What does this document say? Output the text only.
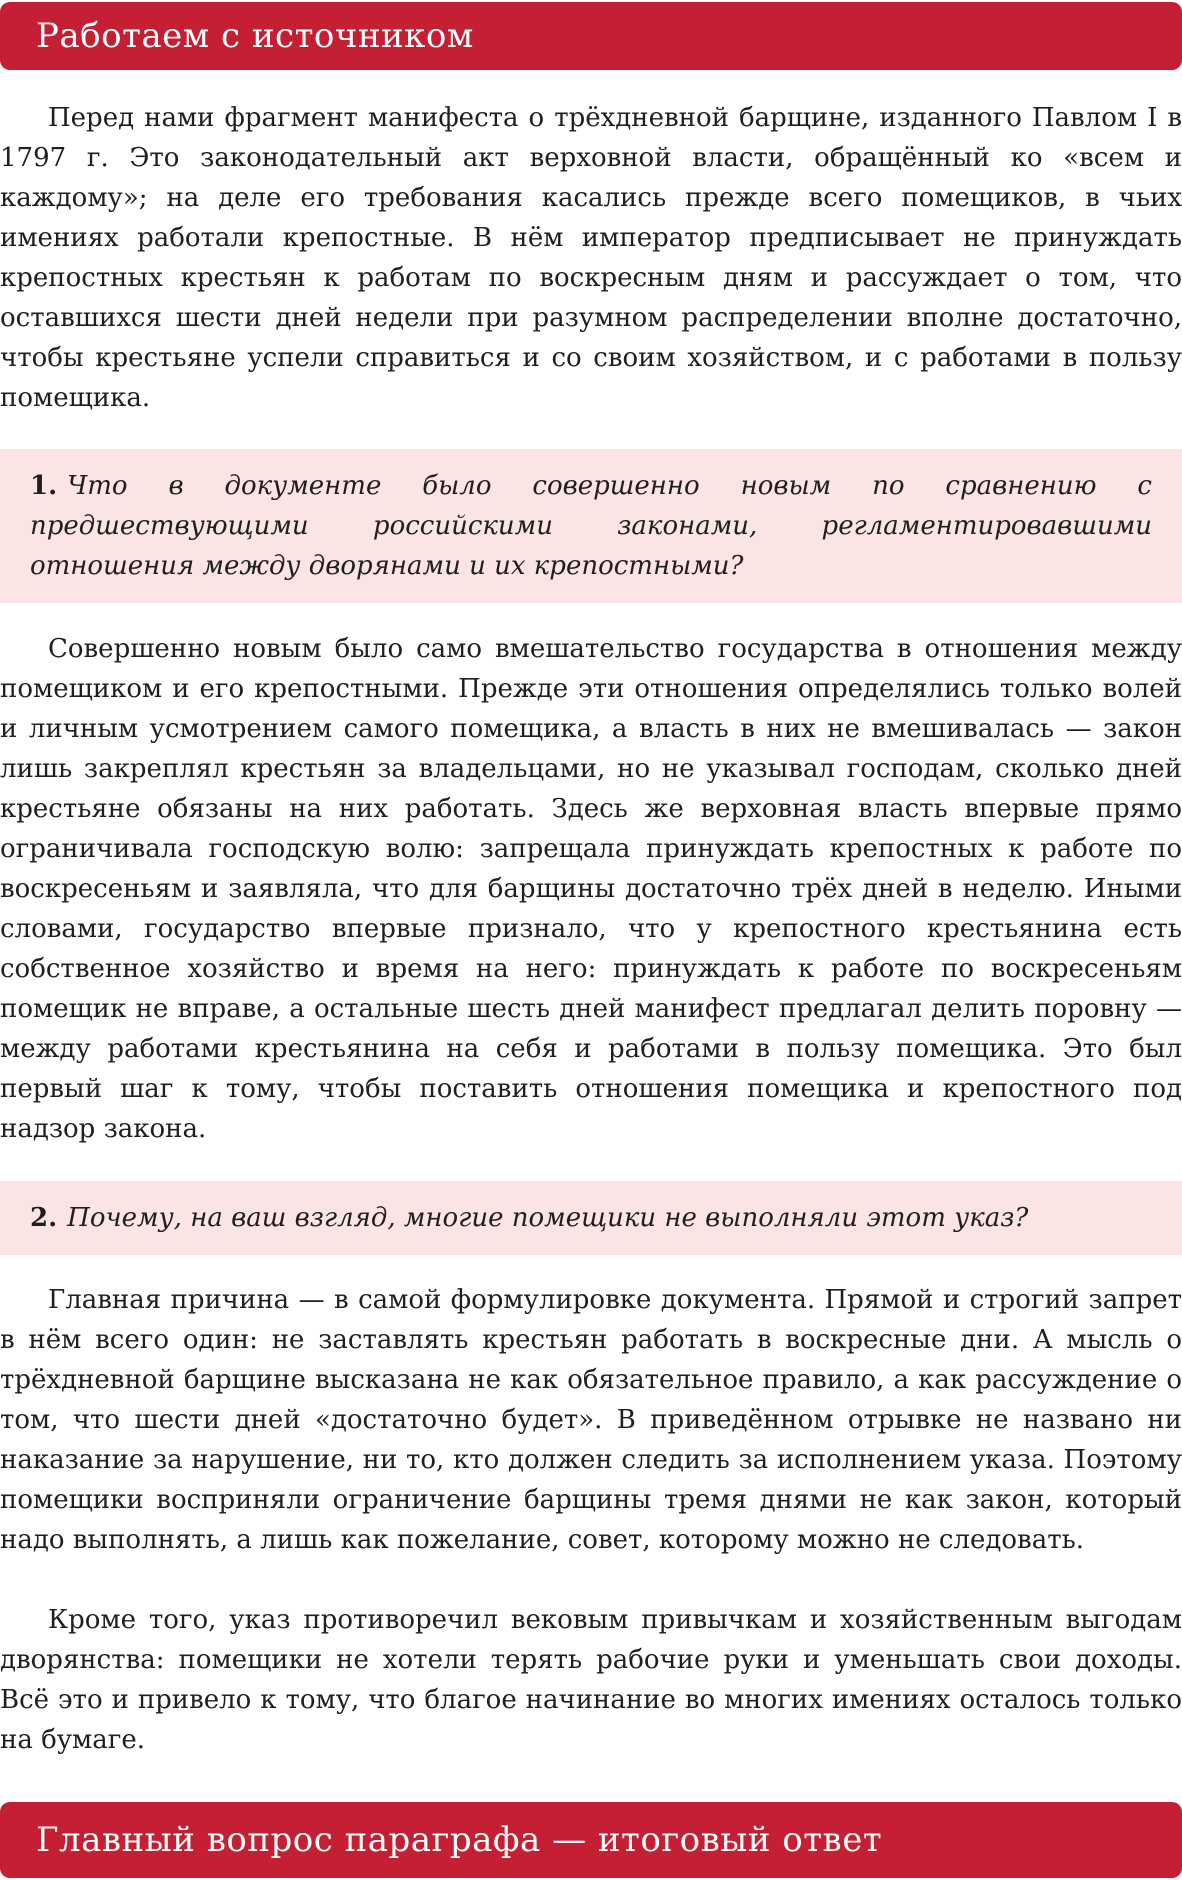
Работаем с источником

Перед нами фрагмент манифеста о трёхдневной барщине, изданного Павлом I в 1797 г. Это законодательный акт верховной власти, обращённый ко «всем и каждому»; на деле его требования касались прежде всего помещиков, в чьих имениях работали крепостные. В нём император предписывает не принуждать крепостных крестьян к работам по воскресным дням и рассуждает о том, что оставшихся шести дней недели при разумном распределении вполне достаточно, чтобы крестьяне успели справиться и со своим хозяйством, и с работами в пользу помещика.

1. Что в документе было совершенно новым по сравнению с предшествующими российскими законами, регламентировавшими отношения между дворянами и их крепостными?

Совершенно новым было само вмешательство государства в отношения между помещиком и его крепостными. Прежде эти отношения определялись только волей и личным усмотрением самого помещика, а власть в них не вмешивалась — закон лишь закреплял крестьян за владельцами, но не указывал господам, сколько дней крестьяне обязаны на них работать. Здесь же верховная власть впервые прямо ограничивала господскую волю: запрещала принуждать крепостных к работе по воскресеньям и заявляла, что для барщины достаточно трёх дней в неделю. Иными словами, государство впервые признало, что у крепостного крестьянина есть собственное хозяйство и время на него: принуждать к работе по воскресеньям помещик не вправе, а остальные шесть дней манифест предлагал делить поровну — между работами крестьянина на себя и работами в пользу помещика. Это был первый шаг к тому, чтобы поставить отношения помещика и крепостного под надзор закона.

2. Почему, на ваш взгляд, многие помещики не выполняли этот указ?

Главная причина — в самой формулировке документа. Прямой и строгий запрет в нём всего один: не заставлять крестьян работать в воскресные дни. А мысль о трёхдневной барщине высказана не как обязательное правило, а как рассуждение о том, что шести дней «достаточно будет». В приведённом отрывке не названо ни наказание за нарушение, ни то, кто должен следить за исполнением указа. Поэтому помещики восприняли ограничение барщины тремя днями не как закон, который надо выполнять, а лишь как пожелание, совет, которому можно не следовать.

Кроме того, указ противоречил вековым привычкам и хозяйственным выгодам дворянства: помещики не хотели терять рабочие руки и уменьшать свои доходы. Всё это и привело к тому, что благое начинание во многих имениях осталось только на бумаге.

Главный вопрос параграфа — итоговый ответ
